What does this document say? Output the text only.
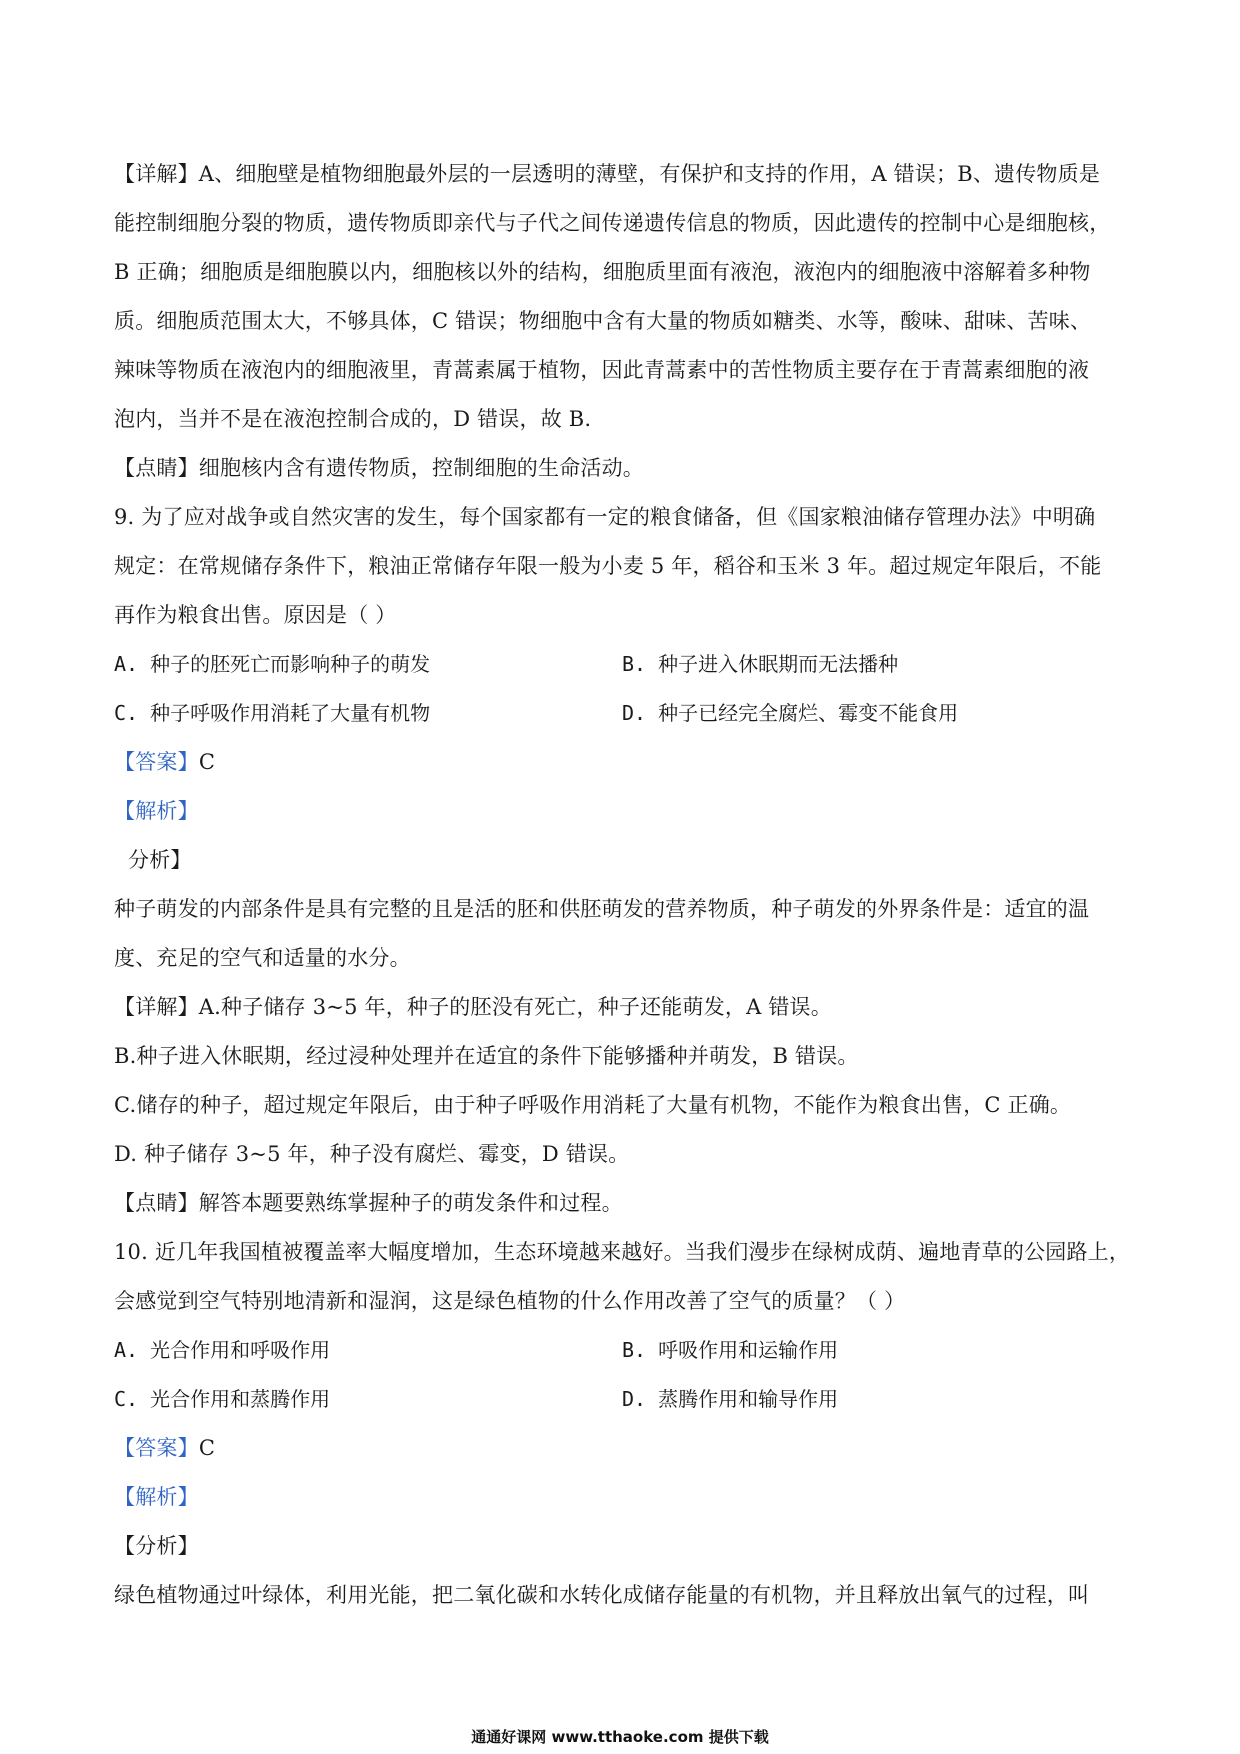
【详解】A、细胞壁是植物细胞最外层的一层透明的薄壁，有保护和支持的作用，A 错误；B、遗传物质是

能控制细胞分裂的物质，遗传物质即亲代与子代之间传递遗传信息的物质，因此遗传的控制中心是细胞核，

B 正确；细胞质是细胞膜以内，细胞核以外的结构，细胞质里面有液泡，液泡内的细胞液中溶解着多种物

质。细胞质范围太大，不够具体，C 错误；物细胞中含有大量的物质如糖类、水等，酸味、甜味、苦味、

辣味等物质在液泡内的细胞液里，青蒿素属于植物，因此青蒿素中的苦性物质主要存在于青蒿素细胞的液

泡内，当并不是在液泡控制合成的，D 错误，故 B.

【点睛】细胞核内含有遗传物质，控制细胞的生命活动。

9. 为了应对战争或自然灾害的发生，每个国家都有一定的粮食储备，但《国家粮油储存管理办法》中明确

规定：在常规储存条件下，粮油正常储存年限一般为小麦 5 年，稻谷和玉米 3 年。超过规定年限后，不能

再作为粮食出售。原因是（ ）

A. 种子的胚死亡而影响种子的萌发	B. 种子进入休眠期而无法播种
C. 种子呼吸作用消耗了大量有机物	D. 种子已经完全腐烂、霉变不能食用

【答案】C

【解析】

分析】

种子萌发的内部条件是具有完整的且是活的胚和供胚萌发的营养物质，种子萌发的外界条件是：适宜的温

度、充足的空气和适量的水分。

【详解】A.种子储存 3~5 年，种子的胚没有死亡，种子还能萌发，A 错误。

B.种子进入休眠期，经过浸种处理并在适宜的条件下能够播种并萌发，B 错误。

C.储存的种子，超过规定年限后，由于种子呼吸作用消耗了大量有机物，不能作为粮食出售，C 正确。

D. 种子储存 3~5 年，种子没有腐烂、霉变，D 错误。

【点睛】解答本题要熟练掌握种子的萌发条件和过程。

10. 近几年我国植被覆盖率大幅度增加，生态环境越来越好。当我们漫步在绿树成荫、遍地青草的公园路上，

会感觉到空气特别地清新和湿润，这是绿色植物的什么作用改善了空气的质量？（ ）

A. 光合作用和呼吸作用	B. 呼吸作用和运输作用
C. 光合作用和蒸腾作用	D. 蒸腾作用和输导作用

【答案】C

【解析】

【分析】

绿色植物通过叶绿体，利用光能，把二氧化碳和水转化成储存能量的有机物，并且释放出氧气的过程，叫

通通好课网 www.tthaoke.com 提供下载
